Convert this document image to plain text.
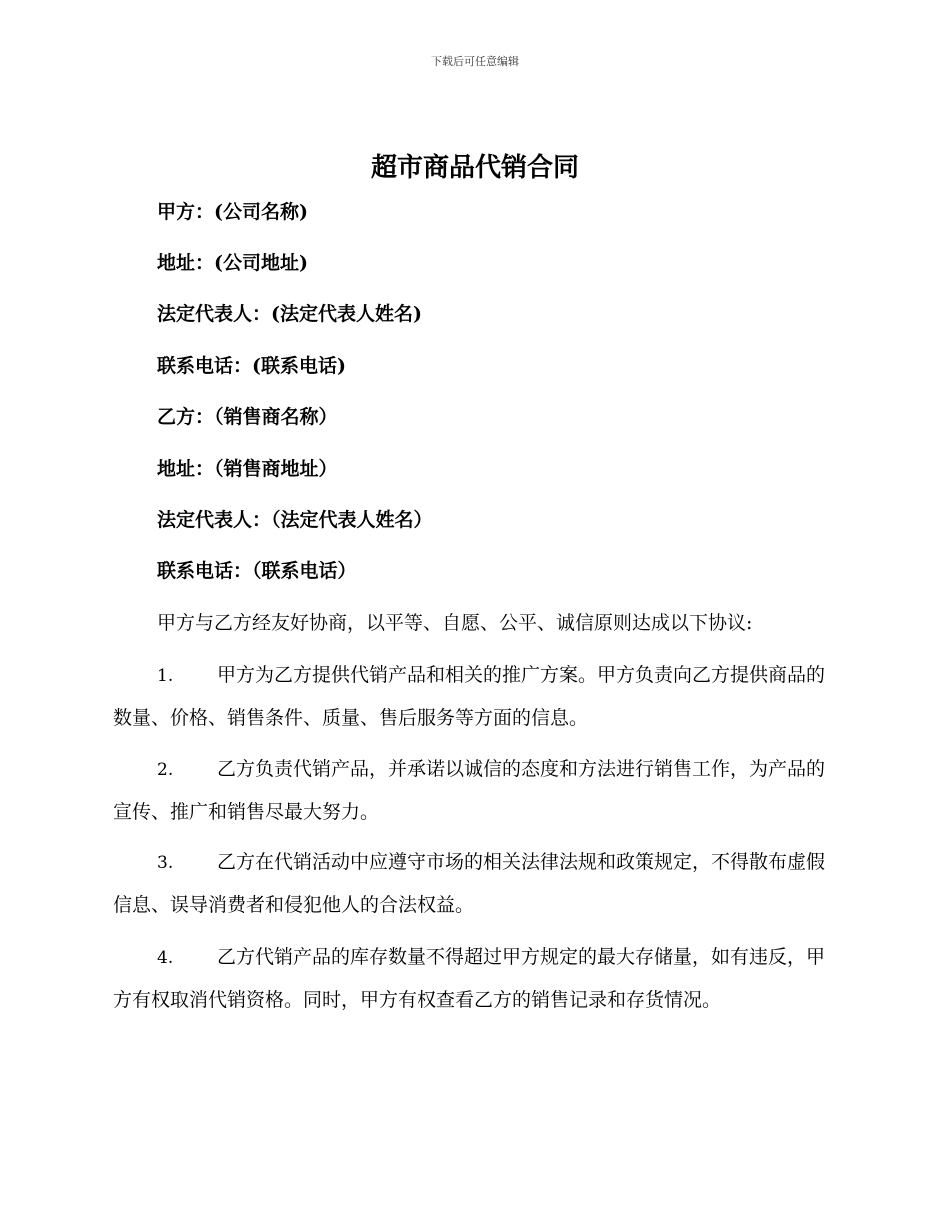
下载后可任意编辑
超市商品代销合同
甲方：(公司名称)
地址：(公司地址)
法定代表人：(法定代表人姓名)
联系电话：(联系电话)
乙方：（销售商名称）
地址：（销售商地址）
法定代表人：（法定代表人姓名）
联系电话：（联系电话）
甲方与乙方经友好协商，以平等、自愿、公平、诚信原则达成以下协议:
1. 甲方为乙方提供代销产品和相关的推广方案。甲方负责向乙方提供商品的数量、价格、销售条件、质量、售后服务等方面的信息。
2. 乙方负责代销产品，并承诺以诚信的态度和方法进行销售工作，为产品的宣传、推广和销售尽最大努力。
3. 乙方在代销活动中应遵守市场的相关法律法规和政策规定，不得散布虚假信息、误导消费者和侵犯他人的合法权益。
4. 乙方代销产品的库存数量不得超过甲方规定的最大存储量，如有违反，甲方有权取消代销资格。同时，甲方有权查看乙方的销售记录和存货情况。
